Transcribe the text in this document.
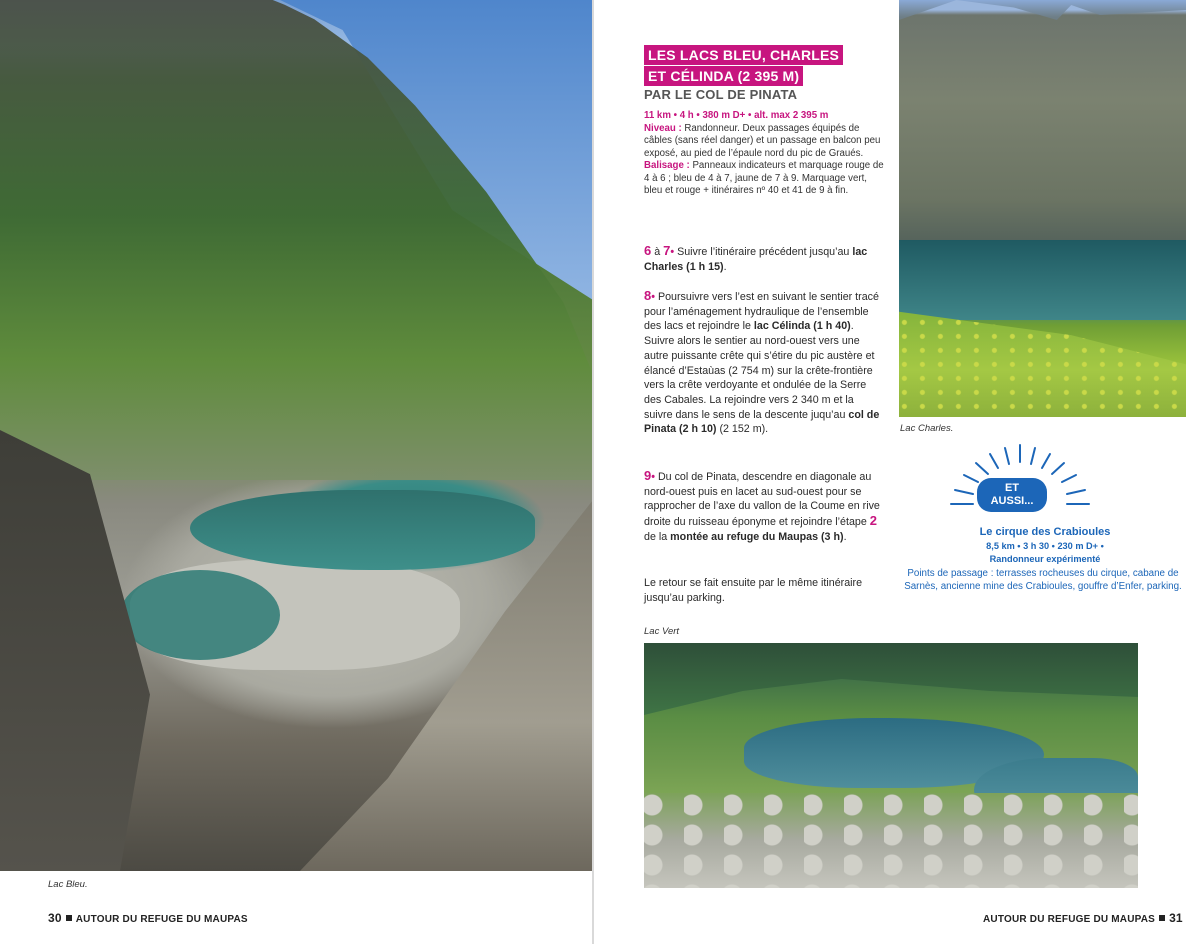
Lac Bleu.
30 AUTOUR DU REFUGE DU MAUPAS
LES LACS BLEU, CHARLES
ET CÉLINDA (2 395 M)
PAR LE COL DE PINATA
11 km • 4 h • 380 m D+ • alt. max 2 395 m
Niveau : Randonneur. Deux passages équipés de câbles (sans réel danger) et un passage en balcon peu exposé, au pied de l’épaule nord du pic de Graués.
Balisage : Panneaux indicateurs et marquage rouge de 4 à 6 ; bleu de 4 à 7, jaune de 7 à 9. Marquage vert, bleu et rouge + itinéraires nº 40 et 41 de 9 à fin.
6 à 7• Suivre l’itinéraire précédent jusqu’au lac Charles (1 h 15).
8• Poursuivre vers l’est en suivant le sentier tracé pour l’aménagement hydraulique de l’ensemble des lacs et rejoindre le lac Célinda (1 h 40). Suivre alors le sentier au nord-ouest vers une autre puissante crête qui s’étire du pic austère et élancé d’Estaùas (2 754 m) sur la crête-frontière vers la crête verdoyante et ondulée de la Serre des Cabales. La rejoindre vers 2 340 m et la suivre dans le sens de la descente juqu’au col de Pinata (2 h 10) (2 152 m).
9• Du col de Pinata, descendre en diagonale au nord-ouest puis en lacet au sud-ouest pour se rapprocher de l’axe du vallon de la Coume en rive droite du ruisseau éponyme et rejoindre l’étape 2 de la montée au refuge du Maupas (3 h).
Le retour se fait ensuite par le même itinéraire jusqu’au parking.
Lac Charles.
ET
AUSSI...
Le cirque des Crabioules
8,5 km • 3 h 30 • 230 m D+ •
Randonneur expérimenté
Points de passage : terrasses rocheuses du cirque, cabane de Sarnès, ancienne mine des Crabioules, gouffre d’Enfer, parking.
Lac Vert
AUTOUR DU REFUGE DU MAUPAS 31
